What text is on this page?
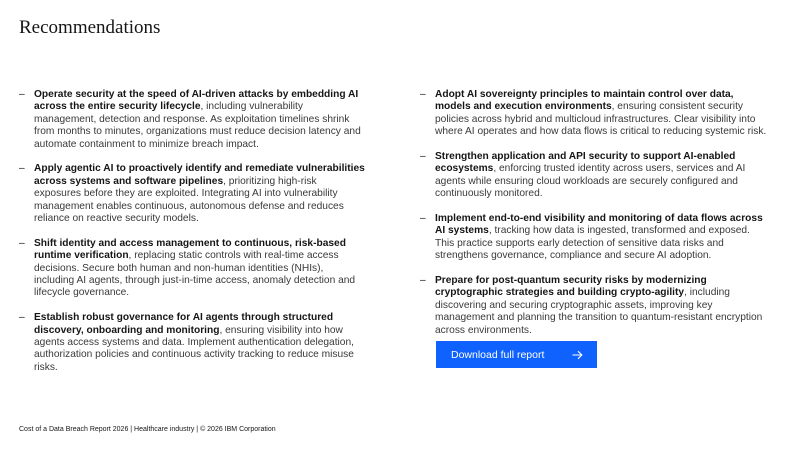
Recommendations
– Operate security at the speed of AI-driven attacks by embedding AI across the entire security lifecycle, including vulnerability management, detection and response. As exploitation timelines shrink from months to minutes, organizations must reduce decision latency and automate containment to minimize breach impact.
– Apply agentic AI to proactively identify and remediate vulnerabilities across systems and software pipelines, prioritizing high-risk exposures before they are exploited. Integrating AI into vulnerability management enables continuous, autonomous defense and reduces reliance on reactive security models.
– Shift identity and access management to continuous, risk-based runtime verification, replacing static controls with real-time access decisions. Secure both human and non-human identities (NHIs), including AI agents, through just-in-time access, anomaly detection and lifecycle governance.
– Establish robust governance for AI agents through structured discovery, onboarding and monitoring, ensuring visibility into how agents access systems and data. Implement authentication delegation, authorization policies and continuous activity tracking to reduce misuse risks.
– Adopt AI sovereignty principles to maintain control over data, models and execution environments, ensuring consistent security policies across hybrid and multicloud infrastructures. Clear visibility into where AI operates and how data flows is critical to reducing systemic risk.
– Strengthen application and API security to support AI-enabled ecosystems, enforcing trusted identity across users, services and AI agents while ensuring cloud workloads are securely configured and continuously monitored.
– Implement end-to-end visibility and monitoring of data flows across AI systems, tracking how data is ingested, transformed and exposed. This practice supports early detection of sensitive data risks and strengthens governance, compliance and secure AI adoption.
– Prepare for post-quantum security risks by modernizing cryptographic strategies and building crypto-agility, including discovering and securing cryptographic assets, improving key management and planning the transition to quantum-resistant encryption across environments.
Download full report
Cost of a Data Breach Report 2026 | Healthcare industry | © 2026 IBM Corporation
